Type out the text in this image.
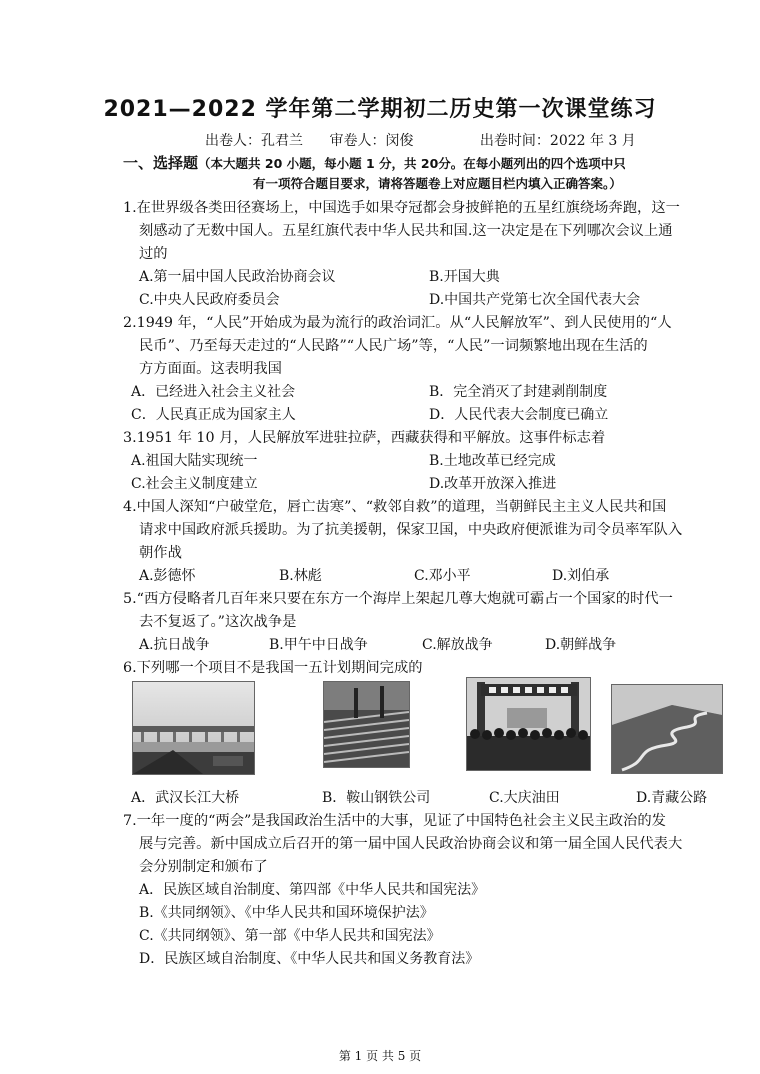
2021—2022 学年第二学期初二历史第一次课堂练习
出卷人：孔君兰 审卷人：闵俊	出卷时间：2022 年 3 月
一、选择题（本大题共 20 小题，每小题 1 分，共 20分。在每小题列出的四个选项中只
有一项符合题目要求，请将答题卷上对应题目栏内填入正确答案。）
1.在世界级各类田径赛场上，中国选手如果夺冠都会身披鲜艳的五星红旗绕场奔跑，这一
刻感动了无数中国人。五星红旗代表中华人民共和国.这一决定是在下列哪次会议上通
过的
A.第一届中国人民政治协商会议	B.开国大典
C.中央人民政府委员会	D.中国共产党第七次全国代表大会
2.1949 年，“人民”开始成为最为流行的政治词汇。从“人民解放军”、到人民使用的“人
民币”、乃至每天走过的“人民路”“人民广场”等，“人民”一词频繁地出现在生活的
方方面面。这表明我国
A．已经进入社会主义社会	B．完全消灭了封建剥削制度
C．人民真正成为国家主人	D．人民代表大会制度已确立
3.1951 年 10 月，人民解放军进驻拉萨，西藏获得和平解放。这事件标志着
A.祖国大陆实现统一	B.土地改革已经完成
C.社会主义制度建立	D.改革开放深入推进
4.中国人深知“户破堂危，唇亡齿寒”、“救邻自救”的道理，当朝鲜民主主义人民共和国
请求中国政府派兵援助。为了抗美援朝，保家卫国，中央政府便派谁为司令员率军队入
朝作战
A.彭德怀	B.林彪	C.邓小平	D.刘伯承
5.“西方侵略者几百年来只要在东方一个海岸上架起几尊大炮就可霸占一个国家的时代一
去不复返了。”这次战争是
A.抗日战争	B.甲午中日战争	C.解放战争	D.朝鲜战争
6.下列哪一个项目不是我国一五计划期间完成的
A．武汉长江大桥	B．鞍山钢铁公司	C.大庆油田	D.青藏公路
7.一年一度的“两会”是我国政治生活中的大事，见证了中国特色社会主义民主政治的发
展与完善。新中国成立后召开的第一届中国人民政治协商会议和第一届全国人民代表大
会分别制定和颁布了
A．民族区域自治制度、第四部《中华人民共和国宪法》
B.《共同纲领》、《中华人民共和国环境保护法》
C.《共同纲领》、第一部《中华人民共和国宪法》
D．民族区域自治制度、《中华人民共和国义务教育法》
第 1 页 共 5 页
